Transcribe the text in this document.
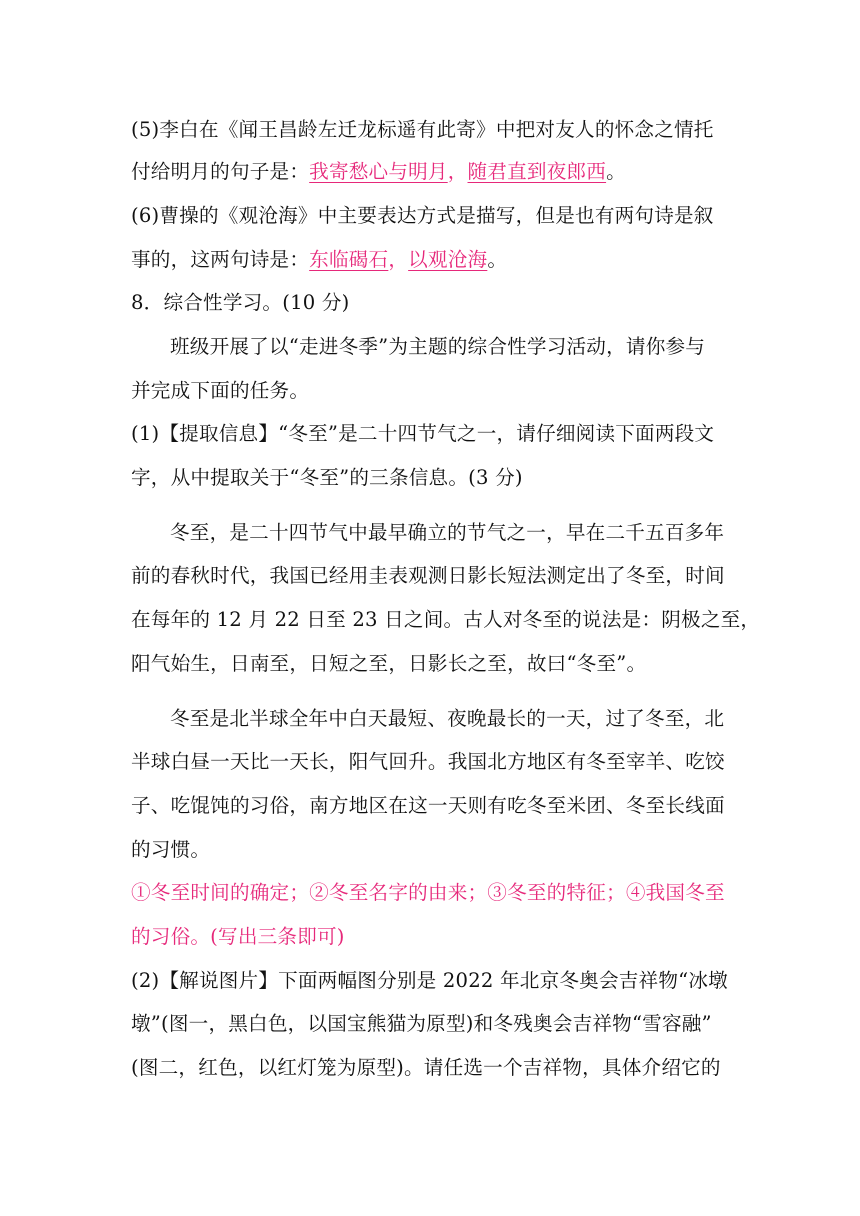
(5)李白在《闻王昌龄左迁龙标遥有此寄》中把对友人的怀念之情托
付给明月的句子是：我寄愁心与明月，随君直到夜郎西。
(6)曹操的《观沧海》中主要表达方式是描写，但是也有两句诗是叙
事的，这两句诗是：东临碣石，以观沧海。
8．综合性学习。(10 分)
班级开展了以“走进冬季”为主题的综合性学习活动，请你参与
并完成下面的任务。
(1)【提取信息】“冬至”是二十四节气之一，请仔细阅读下面两段文
字，从中提取关于“冬至”的三条信息。(3 分)
冬至，是二十四节气中最早确立的节气之一，早在二千五百多年
前的春秋时代，我国已经用圭表观测日影长短法测定出了冬至，时间
在每年的 12 月 22 日至 23 日之间。古人对冬至的说法是：阴极之至，
阳气始生，日南至，日短之至，日影长之至，故曰“冬至”。
冬至是北半球全年中白天最短、夜晚最长的一天，过了冬至，北
半球白昼一天比一天长，阳气回升。我国北方地区有冬至宰羊、吃饺
子、吃馄饨的习俗，南方地区在这一天则有吃冬至米团、冬至长线面
的习惯。
①冬至时间的确定；②冬至名字的由来；③冬至的特征；④我国冬至
的习俗。(写出三条即可)
(2)【解说图片】下面两幅图分别是 2022 年北京冬奥会吉祥物“冰墩
墩”(图一，黑白色，以国宝熊猫为原型)和冬残奥会吉祥物“雪容融”
(图二，红色，以红灯笼为原型)。请任选一个吉祥物，具体介绍它的
